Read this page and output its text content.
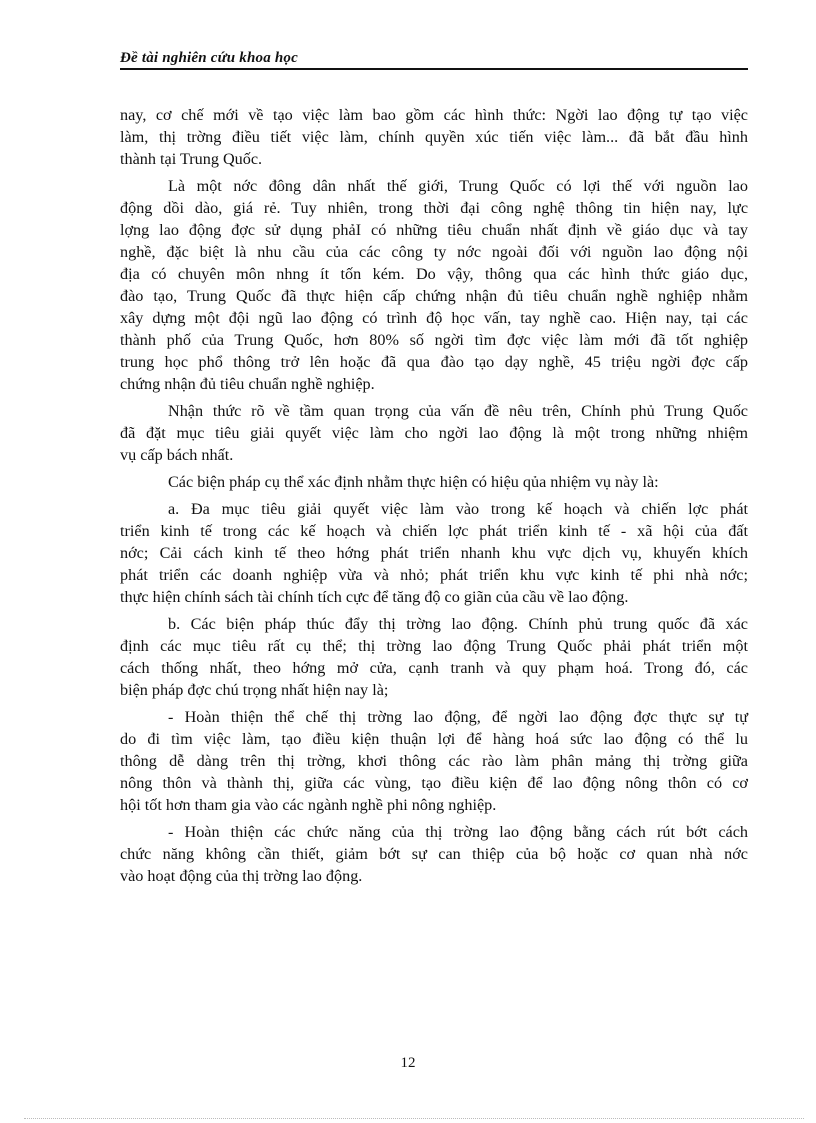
Đề tài nghiên cứu khoa học
nay, cơ chế mới về tạo việc làm bao gồm các hình thức: Ngời lao động tự tạo việc
làm, thị trờng điều tiết việc làm, chính quyền xúc tiến việc làm... đã bắt đầu hình
thành tại Trung Quốc.
Là một nớc đông dân nhất thế giới, Trung Quốc có lợi thế với nguồn lao
động dồi dào, giá rẻ. Tuy nhiên, trong thời đại công nghệ thông tin hiện nay, lực
lợng lao động đợc sử dụng phảI có những tiêu chuẩn nhất định về giáo dục và tay
nghề, đặc biệt là nhu cầu của các công ty nớc ngoài đối với nguồn lao động nội
địa có chuyên môn nhng ít tốn kém. Do vậy, thông qua các hình thức giáo dục,
đào tạo, Trung Quốc đã thực hiện cấp chứng nhận đủ tiêu chuẩn nghề nghiệp nhằm
xây dựng một đội ngũ lao động có trình độ học vấn, tay nghề cao. Hiện nay, tại các
thành phố của Trung Quốc, hơn 80% số ngời tìm đợc việc làm mới đã tốt nghiệp
trung học phổ thông trở lên hoặc đã qua đào tạo dạy nghề, 45 triệu ngời đợc cấp
chứng nhận đủ tiêu chuẩn nghề nghiệp.
Nhận thức rõ về tầm quan trọng của vấn đề nêu trên, Chính phủ Trung Quốc
đã đặt mục tiêu giải quyết việc làm cho ngời lao động là một trong những nhiệm
vụ cấp bách nhất.
Các biện pháp cụ thể xác định nhằm thực hiện có hiệu qủa nhiệm vụ này là:
a. Đa mục tiêu giải quyết việc làm vào trong kế hoạch và chiến lợc phát
triển kinh tế trong các kế hoạch và chiến lợc phát triển kinh tế - xã hội của đất
nớc; Cải cách kinh tế theo hớng phát triển nhanh khu vực dịch vụ, khuyến khích
phát triển các doanh nghiệp vừa và nhỏ; phát triển khu vực kinh tế phi nhà nớc;
thực hiện chính sách tài chính tích cực để tăng độ co giãn của cầu về lao động.
b. Các biện pháp thúc đẩy thị trờng lao động. Chính phủ trung quốc đã xác
định các mục tiêu rất cụ thể; thị trờng lao động Trung Quốc phải phát triển một
cách thống nhất, theo hớng mở cửa, cạnh tranh và quy phạm hoá. Trong đó, các
biện pháp đợc chú trọng nhất hiện nay là;
- Hoàn thiện thể chế thị trờng lao động, để ngời lao động đợc thực sự tự
do đi tìm việc làm, tạo điều kiện thuận lợi để hàng hoá sức lao động có thể lu
thông dễ dàng trên thị trờng, khơi thông các rào làm phân mảng thị trờng giữa
nông thôn và thành thị, giữa các vùng, tạo điều kiện để lao động nông thôn có cơ
hội tốt hơn tham gia vào các ngành nghề phi nông nghiệp.
- Hoàn thiện các chức năng của thị trờng lao động bằng cách rút bớt cách
chức năng không cần thiết, giảm bớt sự can thiệp của bộ hoặc cơ quan nhà nớc
vào hoạt động của thị trờng lao động.
12
